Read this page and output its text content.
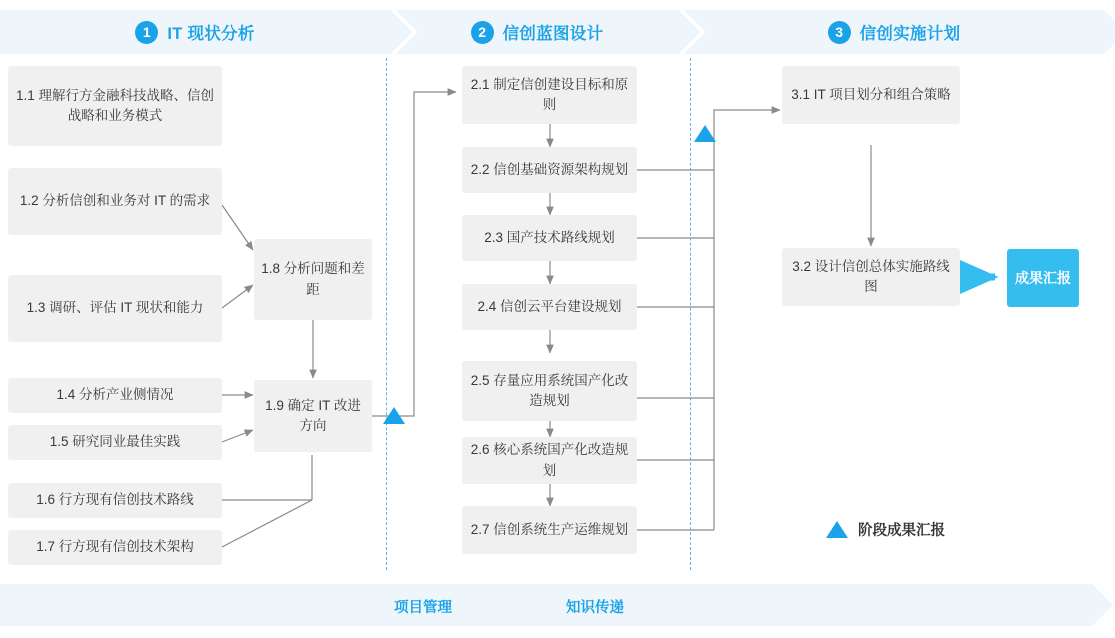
1	IT 现状分析	2	信创蓝图设计	3	信创实施计划
1.1 理解行方金融科技战略、信创战略和业务模式
1.2 分析信创和业务对 IT 的需求
1.3 调研、评估 IT 现状和能力
1.4 分析产业侧情况
1.5 研究同业最佳实践
1.6 行方现有信创技术路线
1.7 行方现有信创技术架构
1.8 分析问题和差距
1.9 确定 IT 改进方向
2.1 制定信创建设目标和原则
2.2 信创基础资源架构规划
2.3 国产技术路线规划
2.4 信创云平台建设规划
2.5 存量应用系统国产化改造规划
2.6 核心系统国产化改造规划
2.7 信创系统生产运维规划
3.1 IT 项目划分和组合策略
3.2 设计信创总体实施路线图
成果汇报
阶段成果汇报
项目管理	知识传递
